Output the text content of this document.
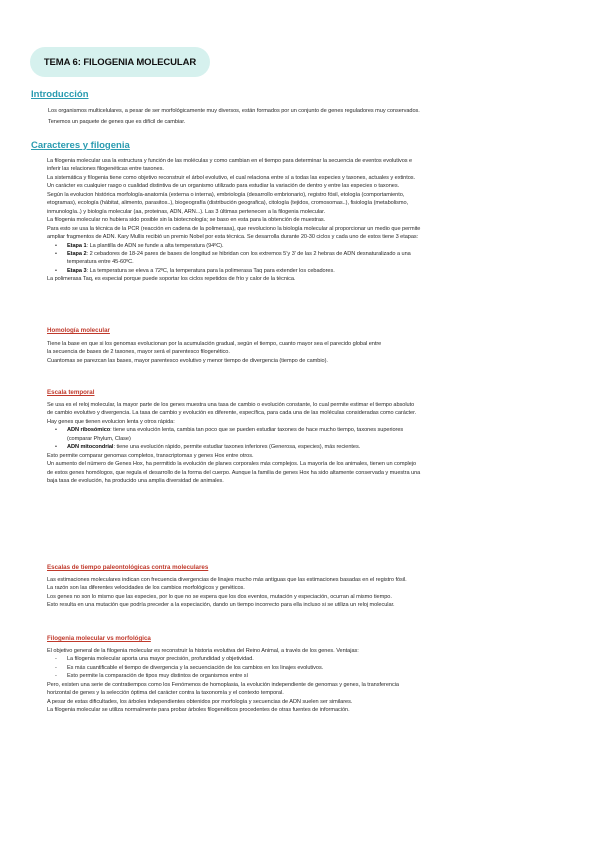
TEMA 6: FILOGENIA MOLECULAR
Introducción

Los organismos multicelulares, a pesar de ser morfológicamente muy diversos, están formados por un conjunto de genes reguladores muy conservados.

Tenemos un paquete de genes que es difícil de cambiar.

Caracteres y filogenia

La filogenia molecular usa la estructura y función de las moléculas y como cambian en el tiempo para determinar la secuencia de eventos evolutivos e

inferir las relaciones filogenéticas entre taxones.

La sistemática y filogenia tiene como objetivo reconstruir el árbol evolutivo, el cual relaciona entre sí a todas las especies y taxones, actuales y extintos.

Un carácter es cualquier rasgo o cualidad distintiva de un organismo utilizado para estudiar la variación de dentro y entre las especies o taxones.

Según la evolucion histórica morfología-anatomía (externa o interna), embriología (desarrollo embrionario), registro fósil, etología (comportamiento,

etogramas), ecología (hábitat, alimento, parasitos..), biogeografía (distribución geografica), citología (tejidos, cromosomas..), fisiología (metabolismo,

inmunología..) y biología molecular (aa, proteinas, ADN, ARN...). Las 3 últimas pertenecen a la filogenia molecular.

La filogenia molecular no hubiera sido posible sin la biotecnología; se baso en esta para la obtención de muestras.

Para esto se usa la técnica de la PCR (reacción en cadena de la polimerasa), que revoluciono la biología molecular al proporcionar un medio que permite

ampliar fragmentos de ADN. Kary Mullis recibió un premio Nobel por esta técnica. Se desarrolla durante 20-30 ciclos y cada uno de estos tiene 3 etapas:

• Etapa 1: La plantilla de ADN se funde a alta temperatura (94ºC).

• Etapa 2: 2 cebadores de 18-24 pares de bases de longitud se hibridan con los extremos 5’y 3’ de las 2 hebras de ADN desnaturalizado a una

temperatura entre 45-60ºC.

• Etapa 3: La temperatura se eleva a 72ºC, la temperatura para la polimerasa Taq para extender los cebadores.

La polimerasa Taq, es especial porque puede soportar los ciclos repetidos de frío y calor de la técnica.

Homología molecular

Tiene la base en que si los genomas evolucionan por la acumulación gradual, según el tiempo, cuanto mayor sea el parecido global entre

la secuencia de bases de 2 taxones, mayor será el parentesco filogenético.

Cuantomas se parezcan las bases, mayor parentesco evolutivo y menor tiempo de divergencia (tiempo de cambio).

Escala temporal

Se usa es el reloj molecular, la mayor parte de los genes muestra una tasa de cambio o evolución constante, lo cual permite estimar el tiempo absoluto

de cambio evolutivo y divergencia. La tasa de cambio y evolución es diferente, específica, para cada una de las moléculas consideradas como carácter.

Hay genes que tienen evolucion lenta y otros rápida:

• ADN ribosómico: tiene una evolución lenta, cambia tan poco que se pueden estudiar taxones de hace mucho tiempo, taxones superiores

(comparar Phylum, Clase)

• ADN mitocondrial: tiene una evolución rápido, permite estudiar taxones inferiores (Generosa, especies), más recientes.

Esto permite comparar genomas completos, transcriptomas y genes Hox entre otros.

Un aumento del número de Genes Hox, ha permitido la evolución de planes corporales más complejos. La mayoría de los animales, tienen un complejo

de estos genes homólogos, que regula el desarrollo de la forma del cuerpo. Aunque la familia de genes Hox ha sido altamente conservada y muestra una

baja tasa de evolución, ha producido una amplia diversidad de animales.

Escalas de tiempo paleontológicas contra moleculares

Las estimaciones moleculares indican con frecuencia divergencias de linajes mucho más antiguas que las estimaciones basadas en el registro fósil.

La razón son las diferentes velocidades de los cambios morfológicos y genéticos.

Los genes no son lo mismo que las especies, por lo que no se espera que los dos eventos, mutación y especiación, ocurran al mismo tiempo.

Esto resulta en una mutación que podría preceder a la especiación, dando un tiempo incorrecto para ella incluso si se utiliza un reloj molecular.

Filogenia molecular vs morfológica

El objetivo general de la filogenia molecular es reconstruir la historia evolutiva del Reino Animal, a través de los genes. Ventajas:

- La filogenia molecular aporta una mayor precisión, profundidad y objetividad.

- Es más cuantificable el tiempo de divergencia y la secuenciación de los cambios en los linajes evolutivos.

- Esto permite la comparación de tipos muy distintos de organismos entre sí

Pero, existen una serie de contratiempos como los Fenómenos de homoplasia, la evolución independiente de genomas y genes, la transferencia

horizontal de genes y la selección óptima del carácter contra la taxonomía y el contexto temporal.

A pesar de estas dificultades, los árboles independientes obtenidos por morfología y secuencias de ADN suelen ser similares.

La filogenia molecular se utiliza normalmente para probar árboles filogenéticos procedentes de otras fuentes de información.
